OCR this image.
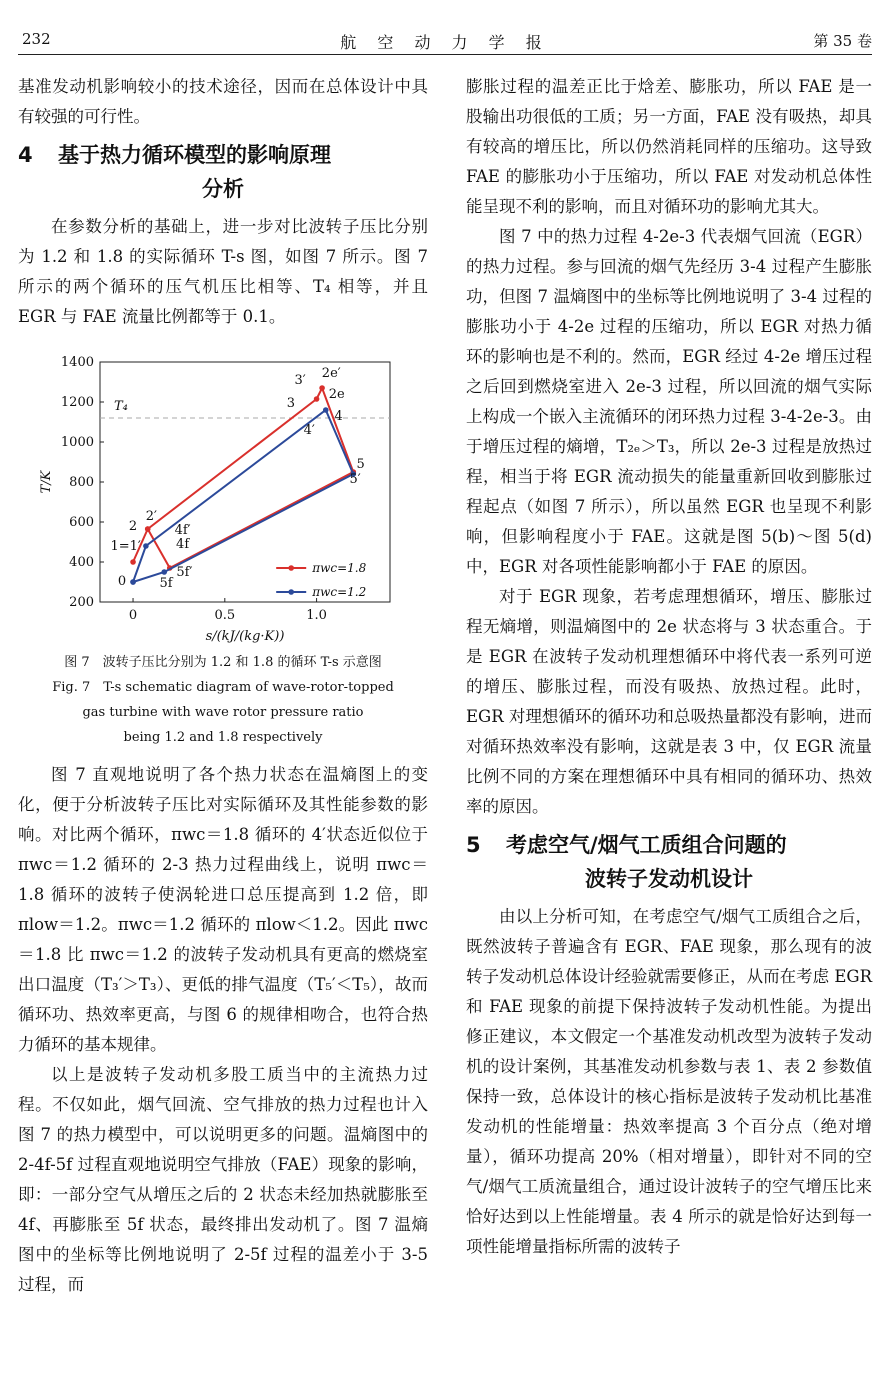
232	航 空 动 力 学 报	第 35 卷

基准发动机影响较小的技术途径，因而在总体设计中具有较强的可行性。

4 基于热力循环模型的影响原理
分析

在参数分析的基础上，进一步对比波转子压比分别为 1.2 和 1.8 的实际循环 T-s 图，如图 7 所示。图 7 所示的两个循环的压气机压比相等、T₄ 相等，并且 EGR 与 FAE 流量比例都等于 0.1。

200
400
600
800
1000
1200
1400
0	0.5	1.0
s/(kJ/(kg·K))
T/K
T₄
3′ 2e′
3
2e
4
4′
5
5′
2′
2	4f′
4f
1=1′
5f′
5f
0
πwc=1.8
πwc=1.2
图 7　波转子压比分别为 1.2 和 1.8 的循环 T-s 示意图
Fig. 7　T-s schematic diagram of wave-rotor-topped
gas turbine with wave rotor pressure ratio
being 1.2 and 1.8 respectively

图 7 直观地说明了各个热力状态在温熵图上的变化，便于分析波转子压比对实际循环及其性能参数的影响。对比两个循环，πwc＝1.8 循环的 4′状态近似位于 πwc＝1.2 循环的 2-3 热力过程曲线上，说明 πwc＝1.8 循环的波转子使涡轮进口总压提高到 1.2 倍，即 πlow＝1.2。πwc＝1.2 循环的 πlow＜1.2。因此 πwc＝1.8 比 πwc＝1.2 的波转子发动机具有更高的燃烧室出口温度（T₃′＞T₃）、更低的排气温度（T₅′＜T₅），故而循环功、热效率更高，与图 6 的规律相吻合，也符合热力循环的基本规律。

以上是波转子发动机多股工质当中的主流热力过程。不仅如此，烟气回流、空气排放的热力过程也计入图 7 的热力模型中，可以说明更多的问题。温熵图中的 2-4f-5f 过程直观地说明空气排放（FAE）现象的影响，即：一部分空气从增压之后的 2 状态未经加热就膨胀至 4f、再膨胀至 5f 状态，最终排出发动机了。图 7 温熵图中的坐标等比例地说明了 2-5f 过程的温差小于 3-5 过程，而

膨胀过程的温差正比于焓差、膨胀功，所以 FAE 是一股输出功很低的工质；另一方面，FAE 没有吸热，却具有较高的增压比，所以仍然消耗同样的压缩功。这导致 FAE 的膨胀功小于压缩功，所以 FAE 对发动机总体性能呈现不利的影响，而且对循环功的影响尤其大。

图 7 中的热力过程 4-2e-3 代表烟气回流（EGR）的热力过程。参与回流的烟气先经历 3-4 过程产生膨胀功，但图 7 温熵图中的坐标等比例地说明了 3-4 过程的膨胀功小于 4-2e 过程的压缩功，所以 EGR 对热力循环的影响也是不利的。然而，EGR 经过 4-2e 增压过程之后回到燃烧室进入 2e-3 过程，所以回流的烟气实际上构成一个嵌入主流循环的闭环热力过程 3-4-2e-3。由于增压过程的熵增，T₂ₑ＞T₃，所以 2e-3 过程是放热过程，相当于将 EGR 流动损失的能量重新回收到膨胀过程起点（如图 7 所示），所以虽然 EGR 也呈现不利影响，但影响程度小于 FAE。这就是图 5(b)～图 5(d)中，EGR 对各项性能影响都小于 FAE 的原因。

对于 EGR 现象，若考虑理想循环，增压、膨胀过程无熵增，则温熵图中的 2e 状态将与 3 状态重合。于是 EGR 在波转子发动机理想循环中将代表一系列可逆的增压、膨胀过程，而没有吸热、放热过程。此时，EGR 对理想循环的循环功和总吸热量都没有影响，进而对循环热效率没有影响，这就是表 3 中，仅 EGR 流量比例不同的方案在理想循环中具有相同的循环功、热效率的原因。

5 考虑空气/烟气工质组合问题的
波转子发动机设计

由以上分析可知，在考虑空气/烟气工质组合之后，既然波转子普遍含有 EGR、FAE 现象，那么现有的波转子发动机总体设计经验就需要修正，从而在考虑 EGR 和 FAE 现象的前提下保持波转子发动机性能。为提出修正建议，本文假定一个基准发动机改型为波转子发动机的设计案例，其基准发动机参数与表 1、表 2 参数值保持一致，总体设计的核心指标是波转子发动机比基准发动机的性能增量：热效率提高 3 个百分点（绝对增量），循环功提高 20%（相对增量），即针对不同的空气/烟气工质流量组合，通过设计波转子的空气增压比来恰好达到以上性能增量。表 4 所示的就是恰好达到每一项性能增量指标所需的波转子
